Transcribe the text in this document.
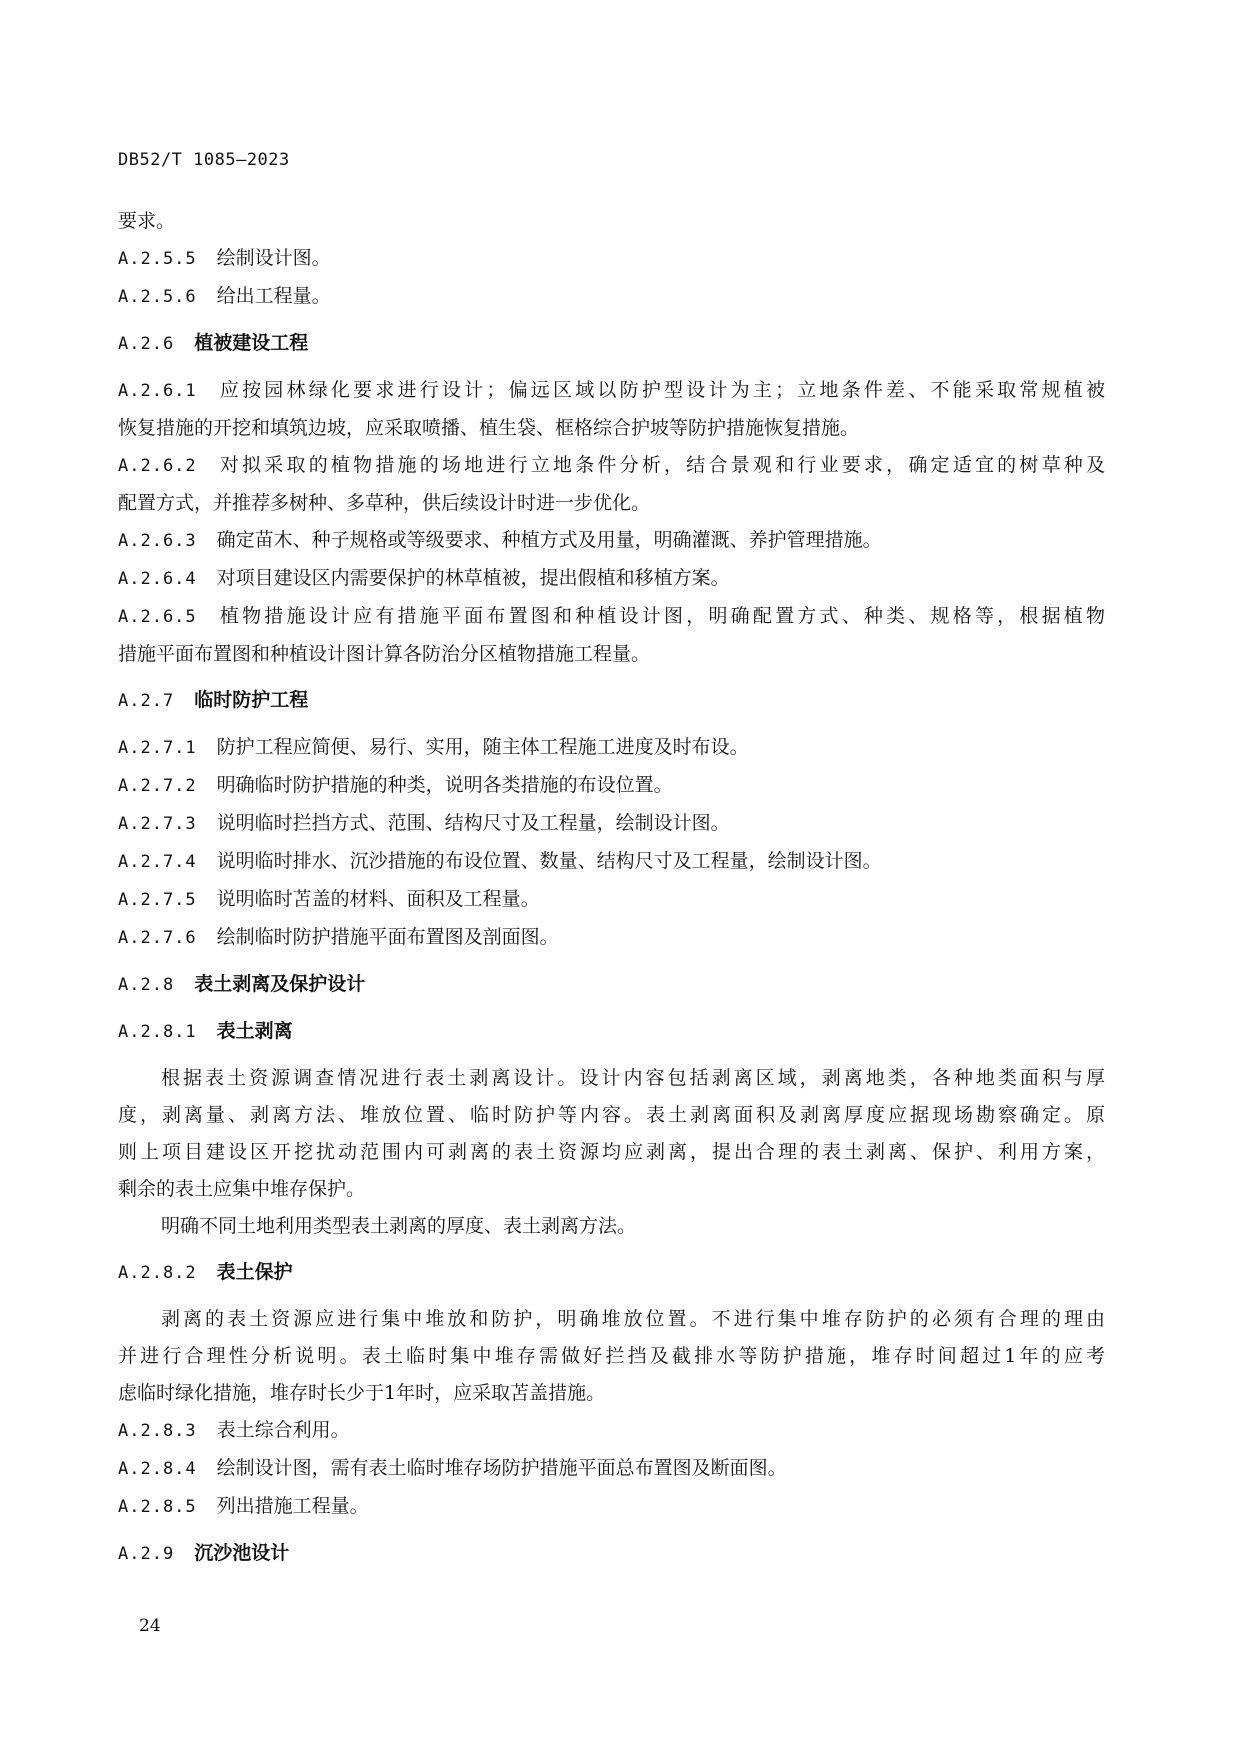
DB52/T 1085—2023
要求。
A.2.5.5 绘制设计图。
A.2.5.6 给出工程量。
A.2.6 植被建设工程
A.2.6.1 应按园林绿化要求进行设计；偏远区域以防护型设计为主；立地条件差、不能采取常规植被
恢复措施的开挖和填筑边坡，应采取喷播、植生袋、框格综合护坡等防护措施恢复措施。
A.2.6.2 对拟采取的植物措施的场地进行立地条件分析，结合景观和行业要求，确定适宜的树草种及
配置方式，并推荐多树种、多草种，供后续设计时进一步优化。
A.2.6.3 确定苗木、种子规格或等级要求、种植方式及用量，明确灌溉、养护管理措施。
A.2.6.4 对项目建设区内需要保护的林草植被，提出假植和移植方案。
A.2.6.5 植物措施设计应有措施平面布置图和种植设计图，明确配置方式、种类、规格等，根据植物
措施平面布置图和种植设计图计算各防治分区植物措施工程量。
A.2.7 临时防护工程
A.2.7.1 防护工程应简便、易行、实用，随主体工程施工进度及时布设。
A.2.7.2 明确临时防护措施的种类，说明各类措施的布设位置。
A.2.7.3 说明临时拦挡方式、范围、结构尺寸及工程量，绘制设计图。
A.2.7.4 说明临时排水、沉沙措施的布设位置、数量、结构尺寸及工程量，绘制设计图。
A.2.7.5 说明临时苫盖的材料、面积及工程量。
A.2.7.6 绘制临时防护措施平面布置图及剖面图。
A.2.8 表土剥离及保护设计
A.2.8.1 表土剥离
根据表土资源调查情况进行表土剥离设计。设计内容包括剥离区域，剥离地类，各种地类面积与厚
度，剥离量、剥离方法、堆放位置、临时防护等内容。表土剥离面积及剥离厚度应据现场勘察确定。原
则上项目建设区开挖扰动范围内可剥离的表土资源均应剥离，提出合理的表土剥离、保护、利用方案，
剩余的表土应集中堆存保护。
明确不同土地利用类型表土剥离的厚度、表土剥离方法。
A.2.8.2 表土保护
剥离的表土资源应进行集中堆放和防护，明确堆放位置。不进行集中堆存防护的必须有合理的理由
并进行合理性分析说明。表土临时集中堆存需做好拦挡及截排水等防护措施，堆存时间超过1年的应考
虑临时绿化措施，堆存时长少于1年时，应采取苫盖措施。
A.2.8.3 表土综合利用。
A.2.8.4 绘制设计图，需有表土临时堆存场防护措施平面总布置图及断面图。
A.2.8.5 列出措施工程量。
A.2.9 沉沙池设计
24
